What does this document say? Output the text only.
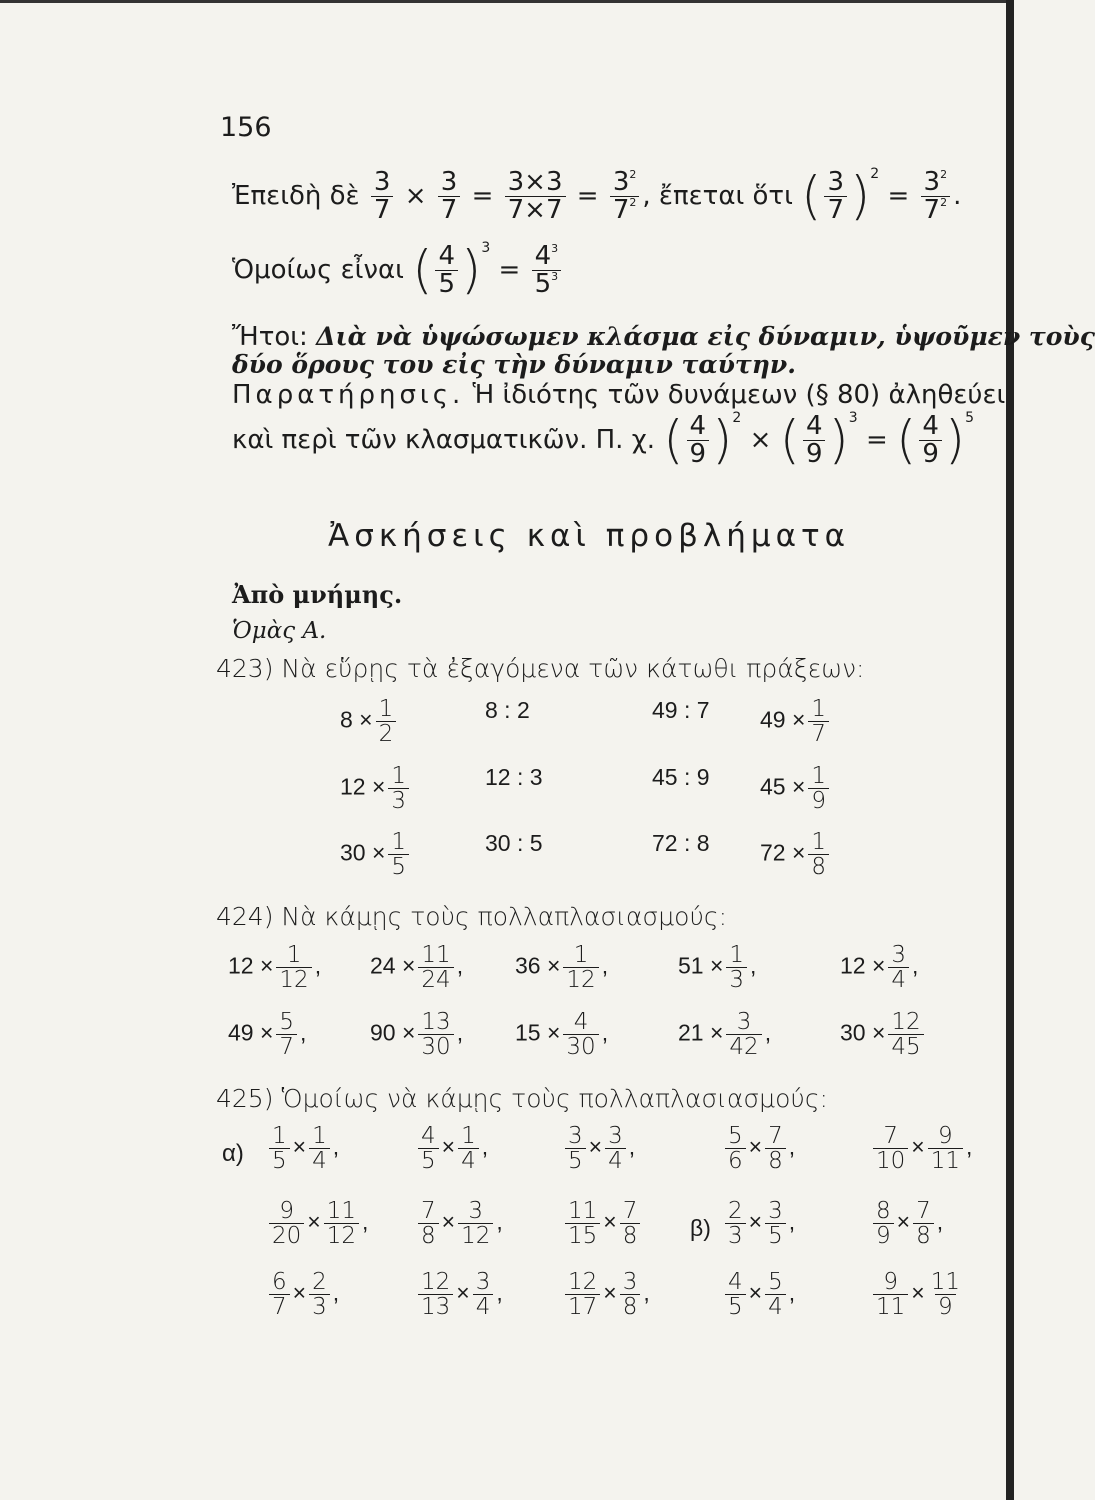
156
Ἐπειδὴ δὲ $\frac{3}{7} \times \frac{3}{7} = \frac{3\times 3}{7\times 7} = \frac{3^2}{7^2}$ , ἔπεται ὅτι ( $\frac{3}{7} )^2 = \frac{3^2}{7^2}$ .
Ὁμοίως εἶναι ( $\frac{4}{5} )^3 = \frac{4^3}{5^3}$
Ἤτοι: Διὰ νὰ ὑψώσωμεν κλάσμα εἰς δύναμιν, ὑψοῦμεν τοὺς
δύο ὅρους του εἰς τὴν δύναμιν ταύτην.
Παρατήρησις. Ἡ ἰδιότης τῶν δυνάμεων (§ 80) ἀληθεύει
καὶ περὶ τῶν κλασματικῶν. Π. χ. ( $\frac{4}{9} )^2$ × ( $\frac{4}{9} )^3$ = ( $\frac{4}{9} )^5$
Ἀσκήσεις καὶ προβλήματα
Ἀπὸ μνήμης.
Ὁμὰς Α.
423) Νὰ εὕρῃς τὰ ἐξαγόμενα τῶν κάτωθι πράξεων:
424) Νὰ κάμῃς τοὺς πολλαπλασιασμούς:
425) Ὁμοίως νὰ κάμῃς τοὺς πολλαπλασιασμούς:
α)
$8 \times \frac{1}{2}$	8 : 2	49 : 7 $49 \times \frac{1}{7}$
$12 \times \frac{1}{3}$	12 : 3	45 : 9 $45 \times \frac{1}{9}$
$30 \times \frac{1}{5}$	30 : 5	72 : 8 $72 \times \frac{1}{8}$
$12 \times \frac{1}{12}$ , $24 \times \frac{11}{24}$ , $36 \times \frac{1}{12}$ ,	$51 \times \frac{1}{3}$ ,	$12 \times \frac{3}{4}$ ,
$49 \times \frac{5}{7}$ ,	$90 \times \frac{13}{30}$ , $15 \times \frac{4}{30}$ ,	$21 \times \frac{3}{42}$ ,	$30 \times \frac{12}{45}$
$\frac{1}{5} \times \frac{1}{4}$ ,	$\frac{4}{5} \times \frac{1}{4}$ ,	$\frac{3}{5} \times \frac{3}{4}$ ,	$\frac{5}{6} \times \frac{7}{8}$ ,	$\frac{7}{10} \times \frac{9}{11}$ ,
$\frac{9}{20} \times \frac{11}{12}$ , $\frac{7}{8} \times \frac{3}{12}$ ,	$\frac{11}{15} \times \frac{7}{8}$	$\frac{2}{3} \times \frac{3}{5}$ ,	$\frac{8}{9} \times \frac{7}{8}$ ,
$\frac{6}{7} \times \frac{2}{3}$ ,	$\frac{12}{13} \times \frac{3}{4}$ ,	$\frac{12}{17} \times \frac{3}{8}$ ,	$\frac{4}{5} \times \frac{5}{4}$ ,	$\frac{9}{11} \times \frac{11}{9}$
β)
